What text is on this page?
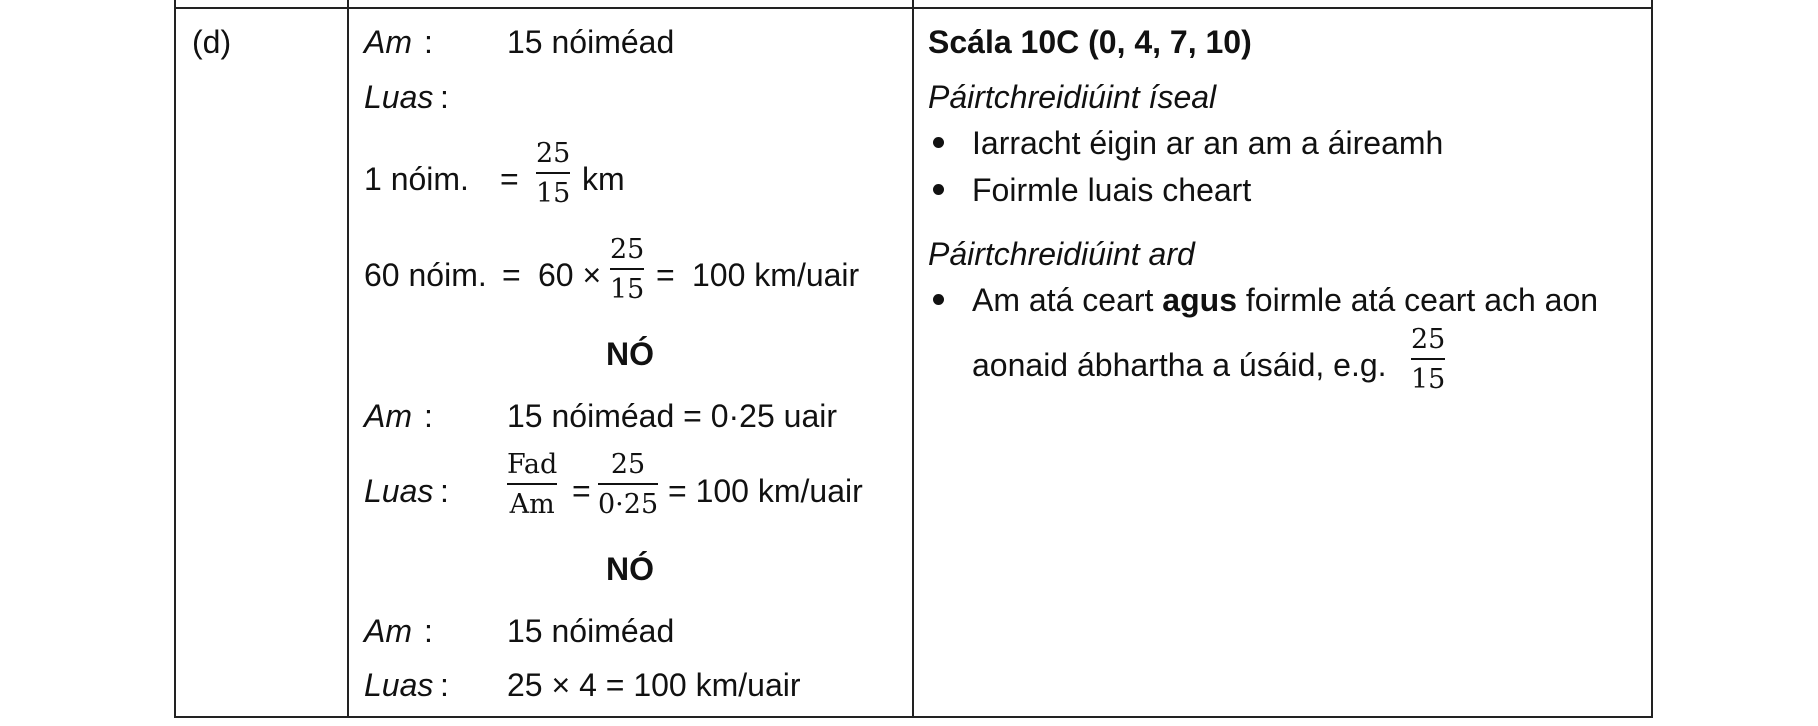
(d)	Am : 15 nóiméad
Luas :
1 nóim. =
25
15 km
60 nóim. = 60 ×
25
15 = 100 km/uair
NÓ
Am : 15 nóiméad = 0·25 uair
Luas :
Fad
Am =
25
0·25 = 100 km/uair
NÓ
Am : 15 nóiméad
Luas : 25 × 4 = 100 km/uair
Scála 10C (0, 4, 7, 10)
Páirtchreidiúint íseal
Iarracht éigin ar an am a áireamh
Foirmle luais cheart
Páirtchreidiúint ard
Am atá ceart agus foirmle atá ceart ach aon
aonaid ábhartha a úsáid, e.g.
25
15
